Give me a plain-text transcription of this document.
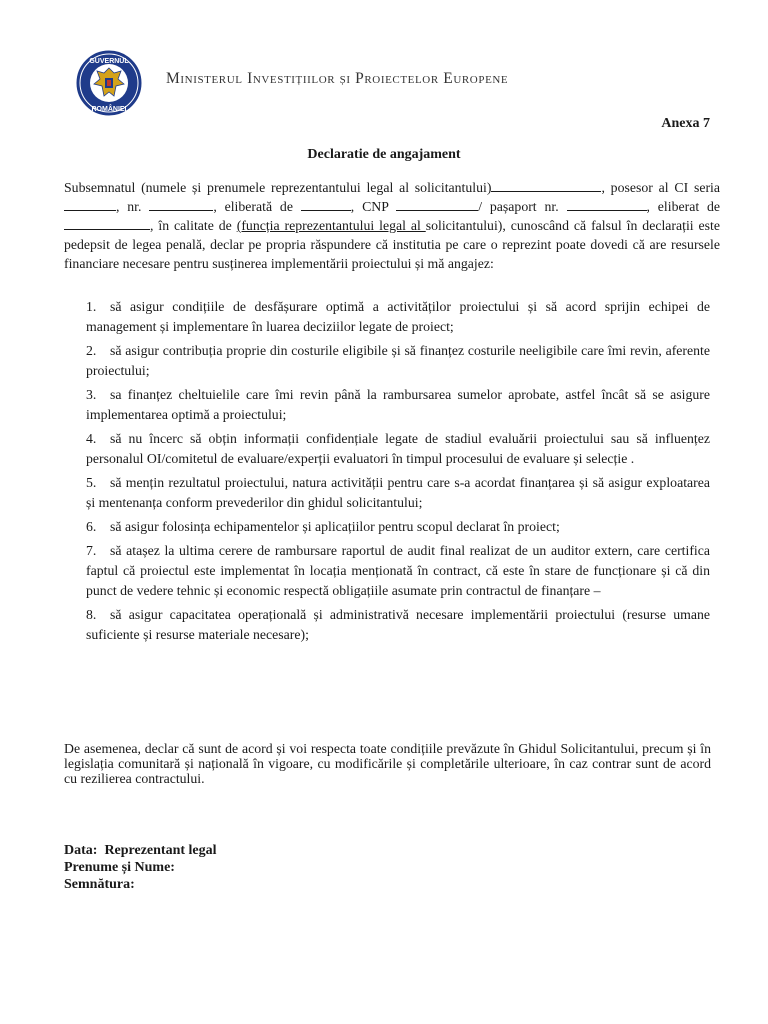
GUVERNUL
ROMÂNIEI
Ministerul Investițiilor și Proiectelor Europene
Anexa 7
Declaratie de angajament
Subsemnatul (numele și prenumele reprezentantului legal al solicitantului)	, posesor al CI seria , nr.	, eliberată de	, CNP	/ pașaport nr.	, eliberat de , în calitate de (funcția reprezentantului legal al solicitantului), cunoscând că falsul în declarații este pedepsit de legea penală, declar pe propria răspundere că institutia pe care o reprezint poate dovedi că are resursele financiare necesare pentru susținerea implementării proiectului și mă angajez:
1. să asigur condițiile de desfășurare optimă a activităților proiectului și să acord sprijin echipei de management și implementare în luarea deciziilor legate de proiect;
2. să asigur contribuția proprie din costurile eligibile și să finanțez costurile neeligibile care îmi revin, aferente proiectului;
3. sa finanțez cheltuielile care îmi revin până la rambursarea sumelor aprobate, astfel încât să se asigure implementarea optimă a proiectului;
4. să nu încerc să obțin informații confidențiale legate de stadiul evaluării proiectului sau să influențez personalul OI/comitetul de evaluare/experții evaluatori în timpul procesului de evaluare și selecție .
5. să mențin rezultatul proiectului, natura activității pentru care s-a acordat finanțarea și să asigur exploatarea și mentenanța conform prevederilor din ghidul solicitantului;
6. să asigur folosința echipamentelor și aplicațiilor pentru scopul declarat în proiect;
7. să atașez la ultima cerere de rambursare raportul de audit final realizat de un auditor extern, care certifica faptul că proiectul este implementat în locația menționată în contract, că este în stare de funcționare și că din punct de vedere tehnic și economic respectă obligațiile asumate prin contractul de finanțare –
8. să asigur capacitatea operațională și administrativă necesare implementării proiectului (resurse umane suficiente și resurse materiale necesare);
De asemenea, declar că sunt de acord și voi respecta toate condițiile prevăzute în Ghidul Solicitantului, precum și în legislația comunitară și națională în vigoare, cu modificările și completările ulterioare, în caz contrar sunt de acord cu rezilierea contractului.
Data: Reprezentant legal
Prenume și Nume:
Semnătura:
